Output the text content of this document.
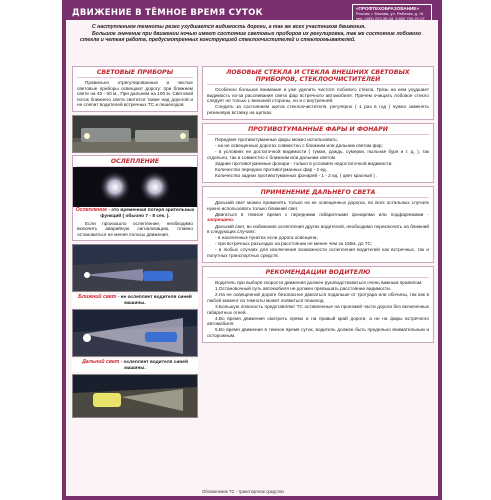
ДВИЖЕНИЕ В ТЁМНОЕ ВРЕМЯ СУТОК	«ПРОФТЕХОБРАЗОВАНИЕ»
Россия, г. Москва, ул. Рабочая, д. 91
тел. (495) 223-39-34, 8 800 700-21-07

С наступлением темноты резко ухудшается видимость дороги, а так же всех участников движения.

Большое значение при движении ночью имеет состояние световых приборов их регулировка, так же состояние лобового стекла и четкая работа, предусмотренных конструкцией стеклоочистителей и стеклоомывателей.

СВЕТОВЫЕ ПРИБОРЫ

Правильно отрегулированные и чистые световые приборы освещают дорогу: при ближнем свете на 40 - 50 м., При дальнем на 100 м. Световой поток ближнего света светится также над дорогой и не слепит водителей встречных ТС и пешеходов.

ОСЛЕПЛЕНИЕ
Ослепление - это временная потеря зрительных функций ( обычно 7 - 8 сек. ).

Если произошло ослепление, необходимо включить аварийную сигнализацию, плавно остановиться не меняя полосы движения.

Ближний свет - не ослепляет водителя синей машины.
Дальний свет - ослепляет водителя синей машины.
ЛОБОВЫЕ СТЕКЛА И СТЕКЛА ВНЕШНИХ СВЕТОВЫХ ПРИБОРОВ, СТЕКЛООЧИСТИТЕЛЕЙ

Особенно большое внимание и уже уделить чистоте лобового стекла. Грязь на нем ухудшает видимость из-за рассеивания света фар встречного автомобиля. Причем очищать лобовое стекло следует не только с внешней стороны, но и с внутренней.

Следить за состоянием щеток стеклоочистителя, регулярно ( 1 раз в год ) нужно заменять резиновую вставку на щетках.

ПРОТИВОТУМАННЫЕ ФАРЫ И ФОНАРИ

Передние противотуманные фары можно использовать:

- на не освещенных дорогах совместно с ближним или дальним светом фар;

- в условиях не достаточной видимости ( туман, дождь, сумерки, пыльная буря и т. д. ), так отдельно, так и совместно с ближним или дальним светом.

Задние противотуманные фонари - только в условиях недостаточной видимости.

Количество передних противотуманных фар - 2 ед.

Количество задних противотуманных фонарей - 1 - 2 ед. ( цвет красный ) .

ПРИМЕНЕНИЕ ДАЛЬНЕГО СВЕТА

Дальний свет можно применять только на не освещенных дорогах, во всех остальных случаях нужно использовать только ближний свет.

Двигаться в темное время с передними габаритными фонарями или подфарниками - запрещено.

Дальний свет, во избежания ослепления других водителей, необходимо переключать на ближний в следующих случаях:

- в населенных пунктах если дорога освещена;

- при встречных разъездах на расстоянии не менее чем за 150м. до ТС;

- в любых случаях для исключения возможности ослепления водителей как встречных, так и попутных транспортных средств.

РЕКОМЕНДАЦИИ ВОДИТЕЛЮ

Водитель при выборе скорости движения должен руководствоваться очень важным правилом:

1.Остановочный путь автомобиля не должен превышать расстояние видимости.

2.На не освещенной дороге безопасное двигаться подальше от тротуара или обочины, так как в любой момент из темноты может появиться пешеход.

3.Большую опасность представляют ТС оставленные на проезжей части дороги без включенных габаритных огней.

4.Во время движения смотреть прямо и на правый край дороги, а не на фары встречного автомобиля.

5.Во время движения в темное время суток, водитель должен быть предельно внимательным и осторожным.

Обозначение ТС - транспортное средство
